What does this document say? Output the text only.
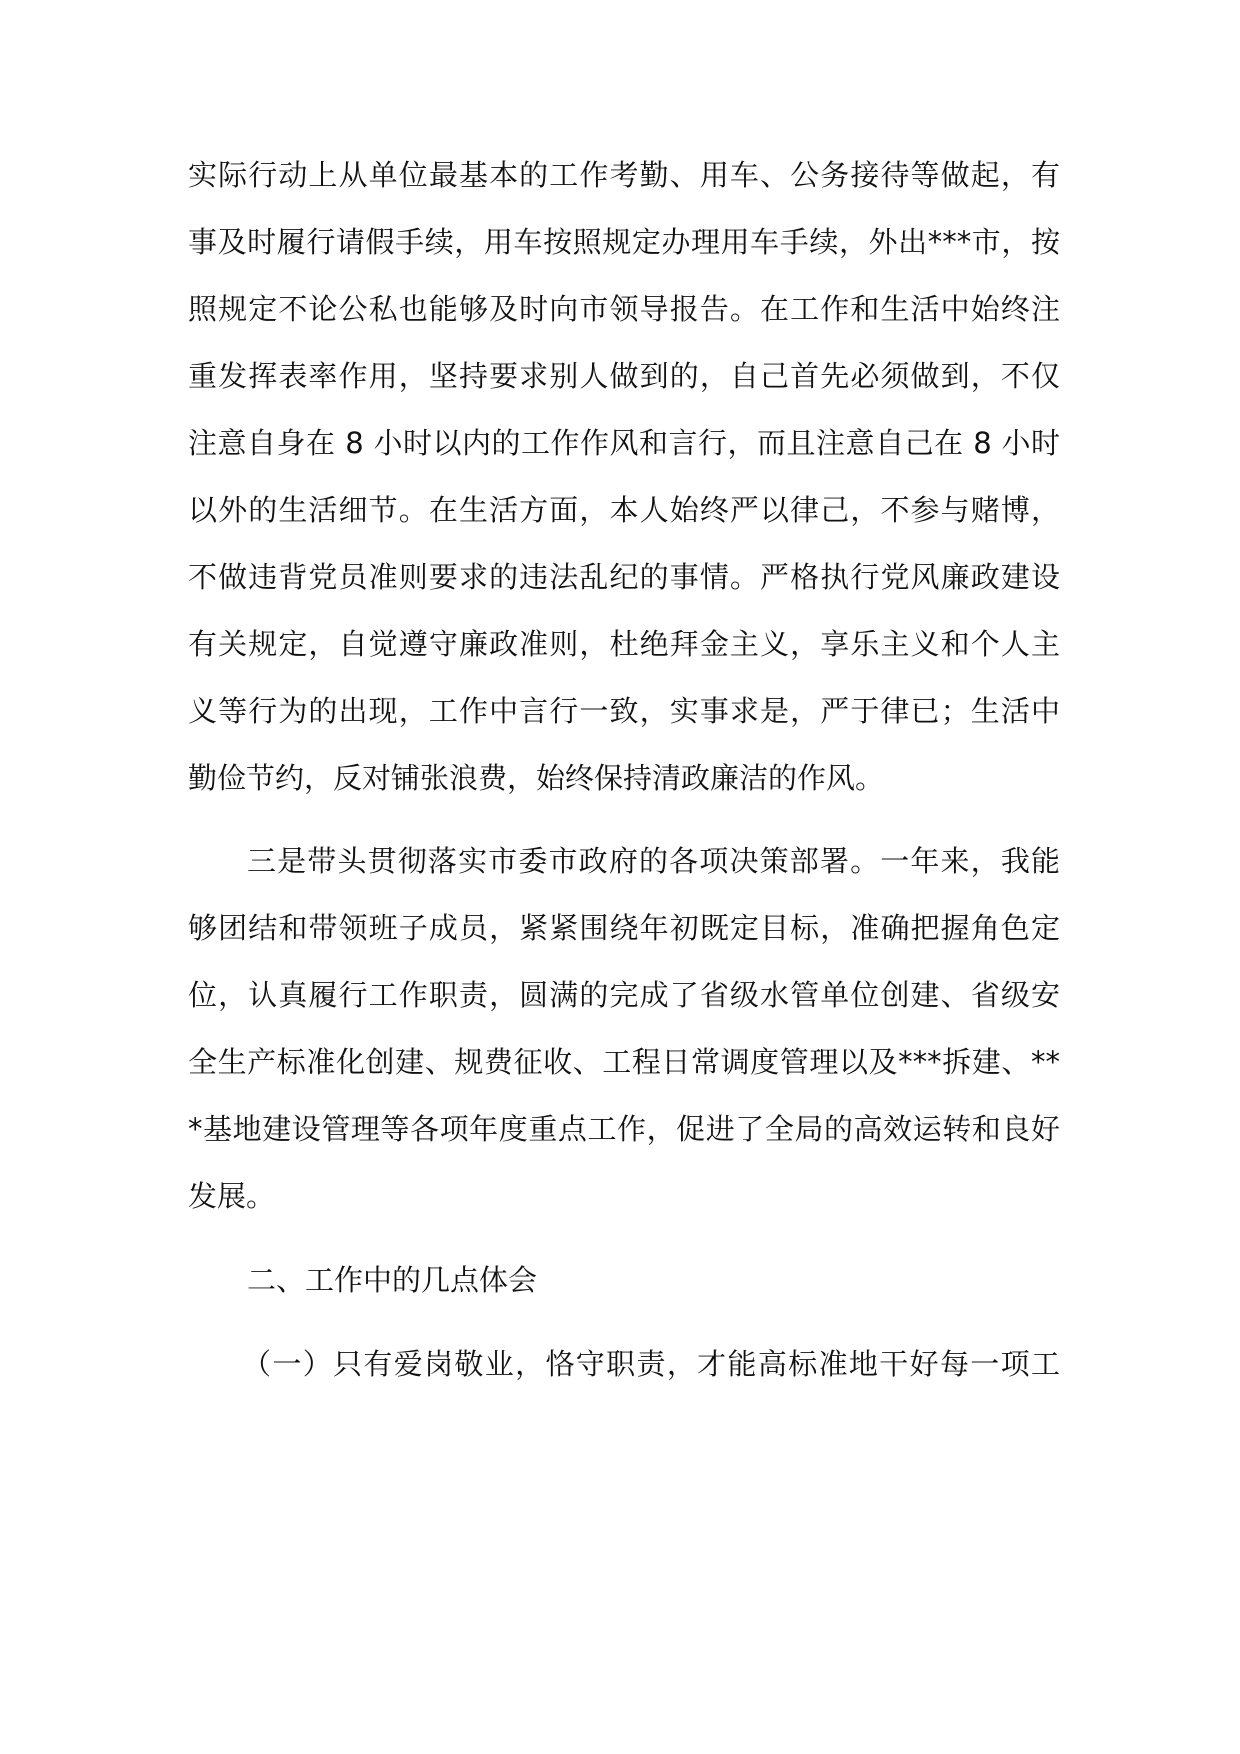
实际行动上从单位最基本的工作考勤、用车、公务接待等做起，有

事及时履行请假手续，用车按照规定办理用车手续，外出***市，按

照规定不论公私也能够及时向市领导报告。在工作和生活中始终注

重发挥表率作用，坚持要求别人做到的，自己首先必须做到，不仅

注意自身在 8 小时以内的工作作风和言行，而且注意自己在 8 小时

以外的生活细节。在生活方面，本人始终严以律己，不参与赌博，

不做违背党员准则要求的违法乱纪的事情。严格执行党风廉政建设

有关规定，自觉遵守廉政准则，杜绝拜金主义，享乐主义和个人主

义等行为的出现，工作中言行一致，实事求是，严于律已；生活中

勤俭节约，反对铺张浪费，始终保持清政廉洁的作风。

三是带头贯彻落实市委市政府的各项决策部署。一年来，我能

够团结和带领班子成员，紧紧围绕年初既定目标，准确把握角色定

位，认真履行工作职责，圆满的完成了省级水管单位创建、省级安

全生产标准化创建、规费征收、工程日常调度管理以及***拆建、**

*基地建设管理等各项年度重点工作，促进了全局的高效运转和良好

发展。

二、工作中的几点体会

（一）只有爱岗敬业，恪守职责，才能高标准地干好每一项工
